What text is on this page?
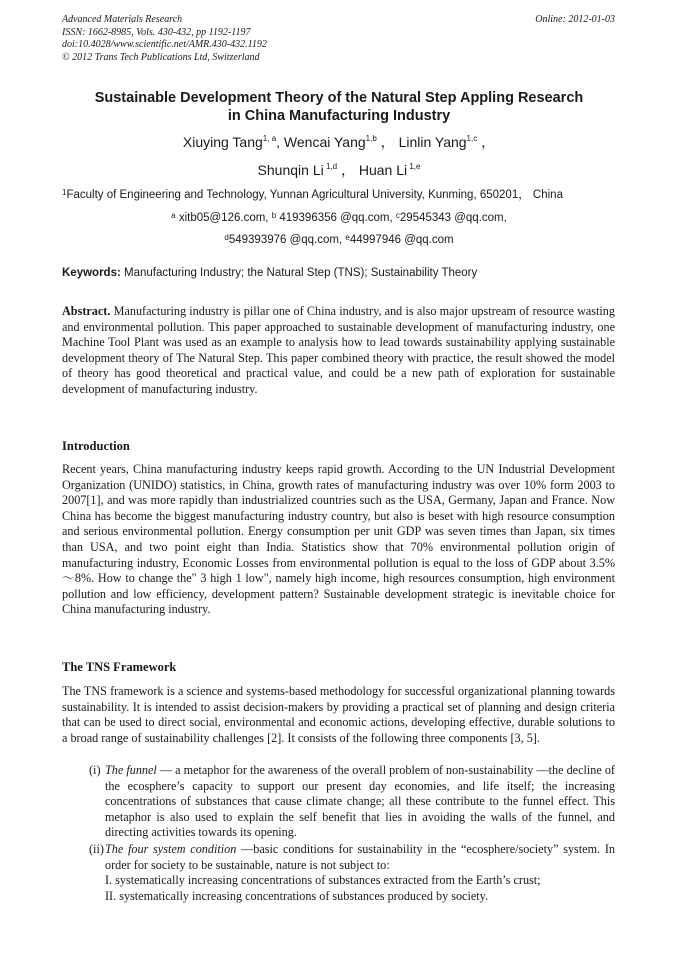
Advanced Materials Research
ISSN: 1662-8985, Vols. 430-432, pp 1192-1197
doi:10.4028/www.scientific.net/AMR.430-432.1192
© 2012 Trans Tech Publications Ltd, Switzerland
Online: 2012-01-03
Sustainable Development Theory of the Natural Step Appling Research
in China Manufacturing Industry
Xiuying Tang$^{1, a}$, Wencai Yang$^{1,b}$ ， Linlin Yang$^{1,c}$ ，
Shunqin Li $^{1,d}$ ， Huan Li $^{1,e}$
$^1$Faculty of Engineering and Technology, Yunnan Agricultural University, Kunming, 650201， China
$^a$ xitb05@126.com, $^b$ 419396356 @qq.com, $^c$29545343 @qq.com,
$^d$549393976 @qq.com, $^e$44997946 @qq.com
Keywords: Manufacturing Industry; the Natural Step (TNS); Sustainability Theory
Abstract. Manufacturing industry is pillar one of China industry, and is also major upstream of resource wasting and environmental pollution. This paper approached to sustainable development of manufacturing industry, one Machine Tool Plant was used as an example to analysis how to lead towards sustainability applying sustainable development theory of The Natural Step. This paper combined theory with practice, the result showed the model of theory has good theoretical and practical value, and could be a new path of exploration for sustainable development of manufacturing industry.
Introduction
Recent years, China manufacturing industry keeps rapid growth. According to the UN Industrial Development Organization (UNIDO) statistics, in China, growth rates of manufacturing industry was over 10% form 2003 to 2007[1], and was more rapidly than industrialized countries such as the USA, Germany, Japan and France. Now China has become the biggest manufacturing industry country, but also is beset with high resource consumption and serious environmental pollution. Energy consumption per unit GDP was seven times than Japan, six times than USA, and two point eight than India. Statistics show that 70% environmental pollution origin of manufacturing industry, Economic Losses from environmental pollution is equal to the loss of GDP about 3.5%～8%. How to change the" 3 high 1 low", namely high income, high resources consumption, high environment pollution and low efficiency, development pattern? Sustainable development strategic is inevitable choice for China manufacturing industry.
The TNS Framework
The TNS framework is a science and systems-based methodology for successful organizational planning towards sustainability. It is intended to assist decision-makers by providing a practical set of planning and design criteria that can be used to direct social, environmental and economic actions, developing effective, durable solutions to a broad range of sustainability challenges [2]. It consists of the following three components [3, 5].
(i) The funnel — a metaphor for the awareness of the overall problem of non-sustainability —the decline of the ecosphere’s capacity to support our present day economies, and life itself; the increasing concentrations of substances that cause climate change; all these contribute to the funnel effect. This metaphor is also used to explain the self benefit that lies in avoiding the walls of the funnel, and directing activities towards its opening.
(ii) The four system condition —basic conditions for sustainability in the “ecosphere/society” system. In order for society to be sustainable, nature is not subject to:
I. systematically increasing concentrations of substances extracted from the Earth’s crust;
II. systematically increasing concentrations of substances produced by society.
